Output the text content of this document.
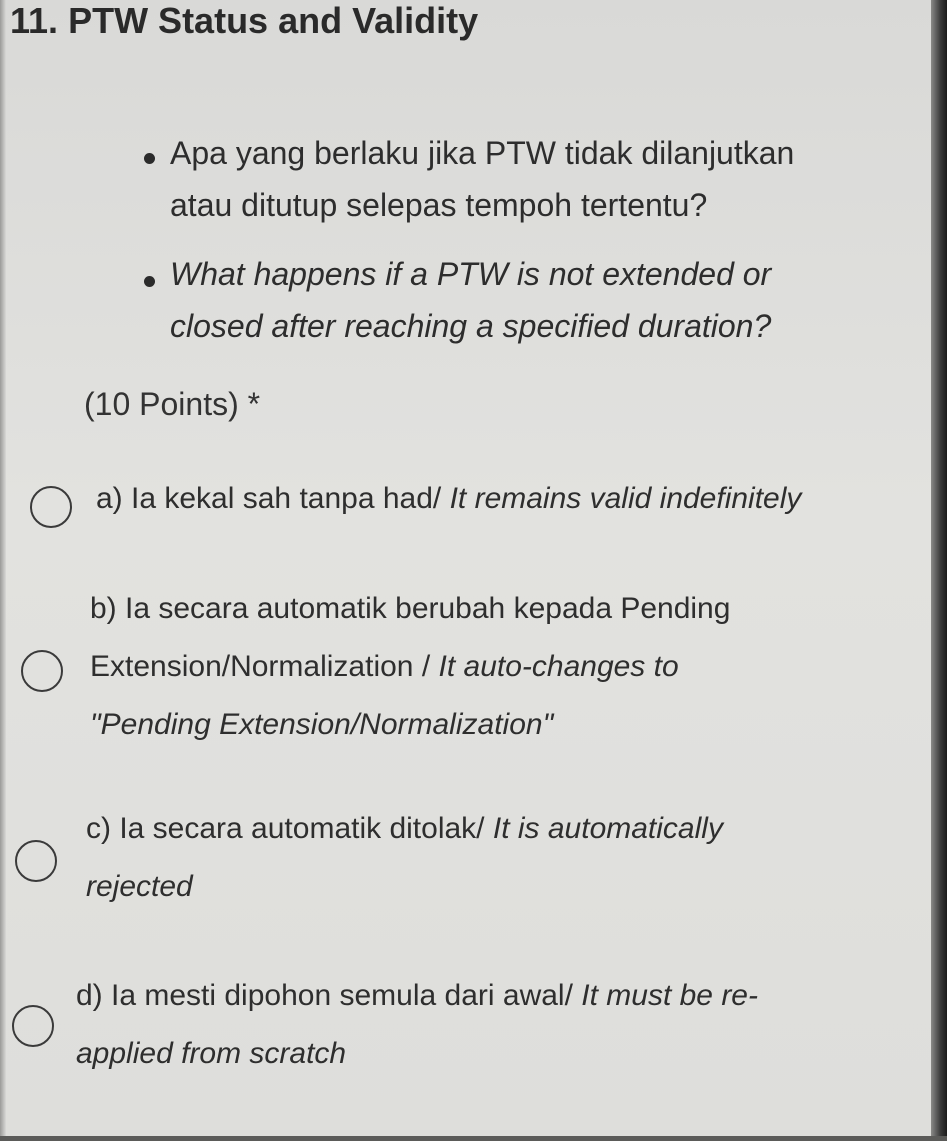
11. PTW Status and Validity
Apa yang berlaku jika PTW tidak dilanjutkan
atau ditutup selepas tempoh tertentu?
What happens if a PTW is not extended or
closed after reaching a specified duration?
(10 Points) *
a) Ia kekal sah tanpa had/ It remains valid indefinitely
b) Ia secara automatik berubah kepada Pending
Extension/Normalization / It auto-changes to
"Pending Extension/Normalization"
c) Ia secara automatik ditolak/ It is automatically
rejected
d) Ia mesti dipohon semula dari awal/ It must be re-
applied from scratch
